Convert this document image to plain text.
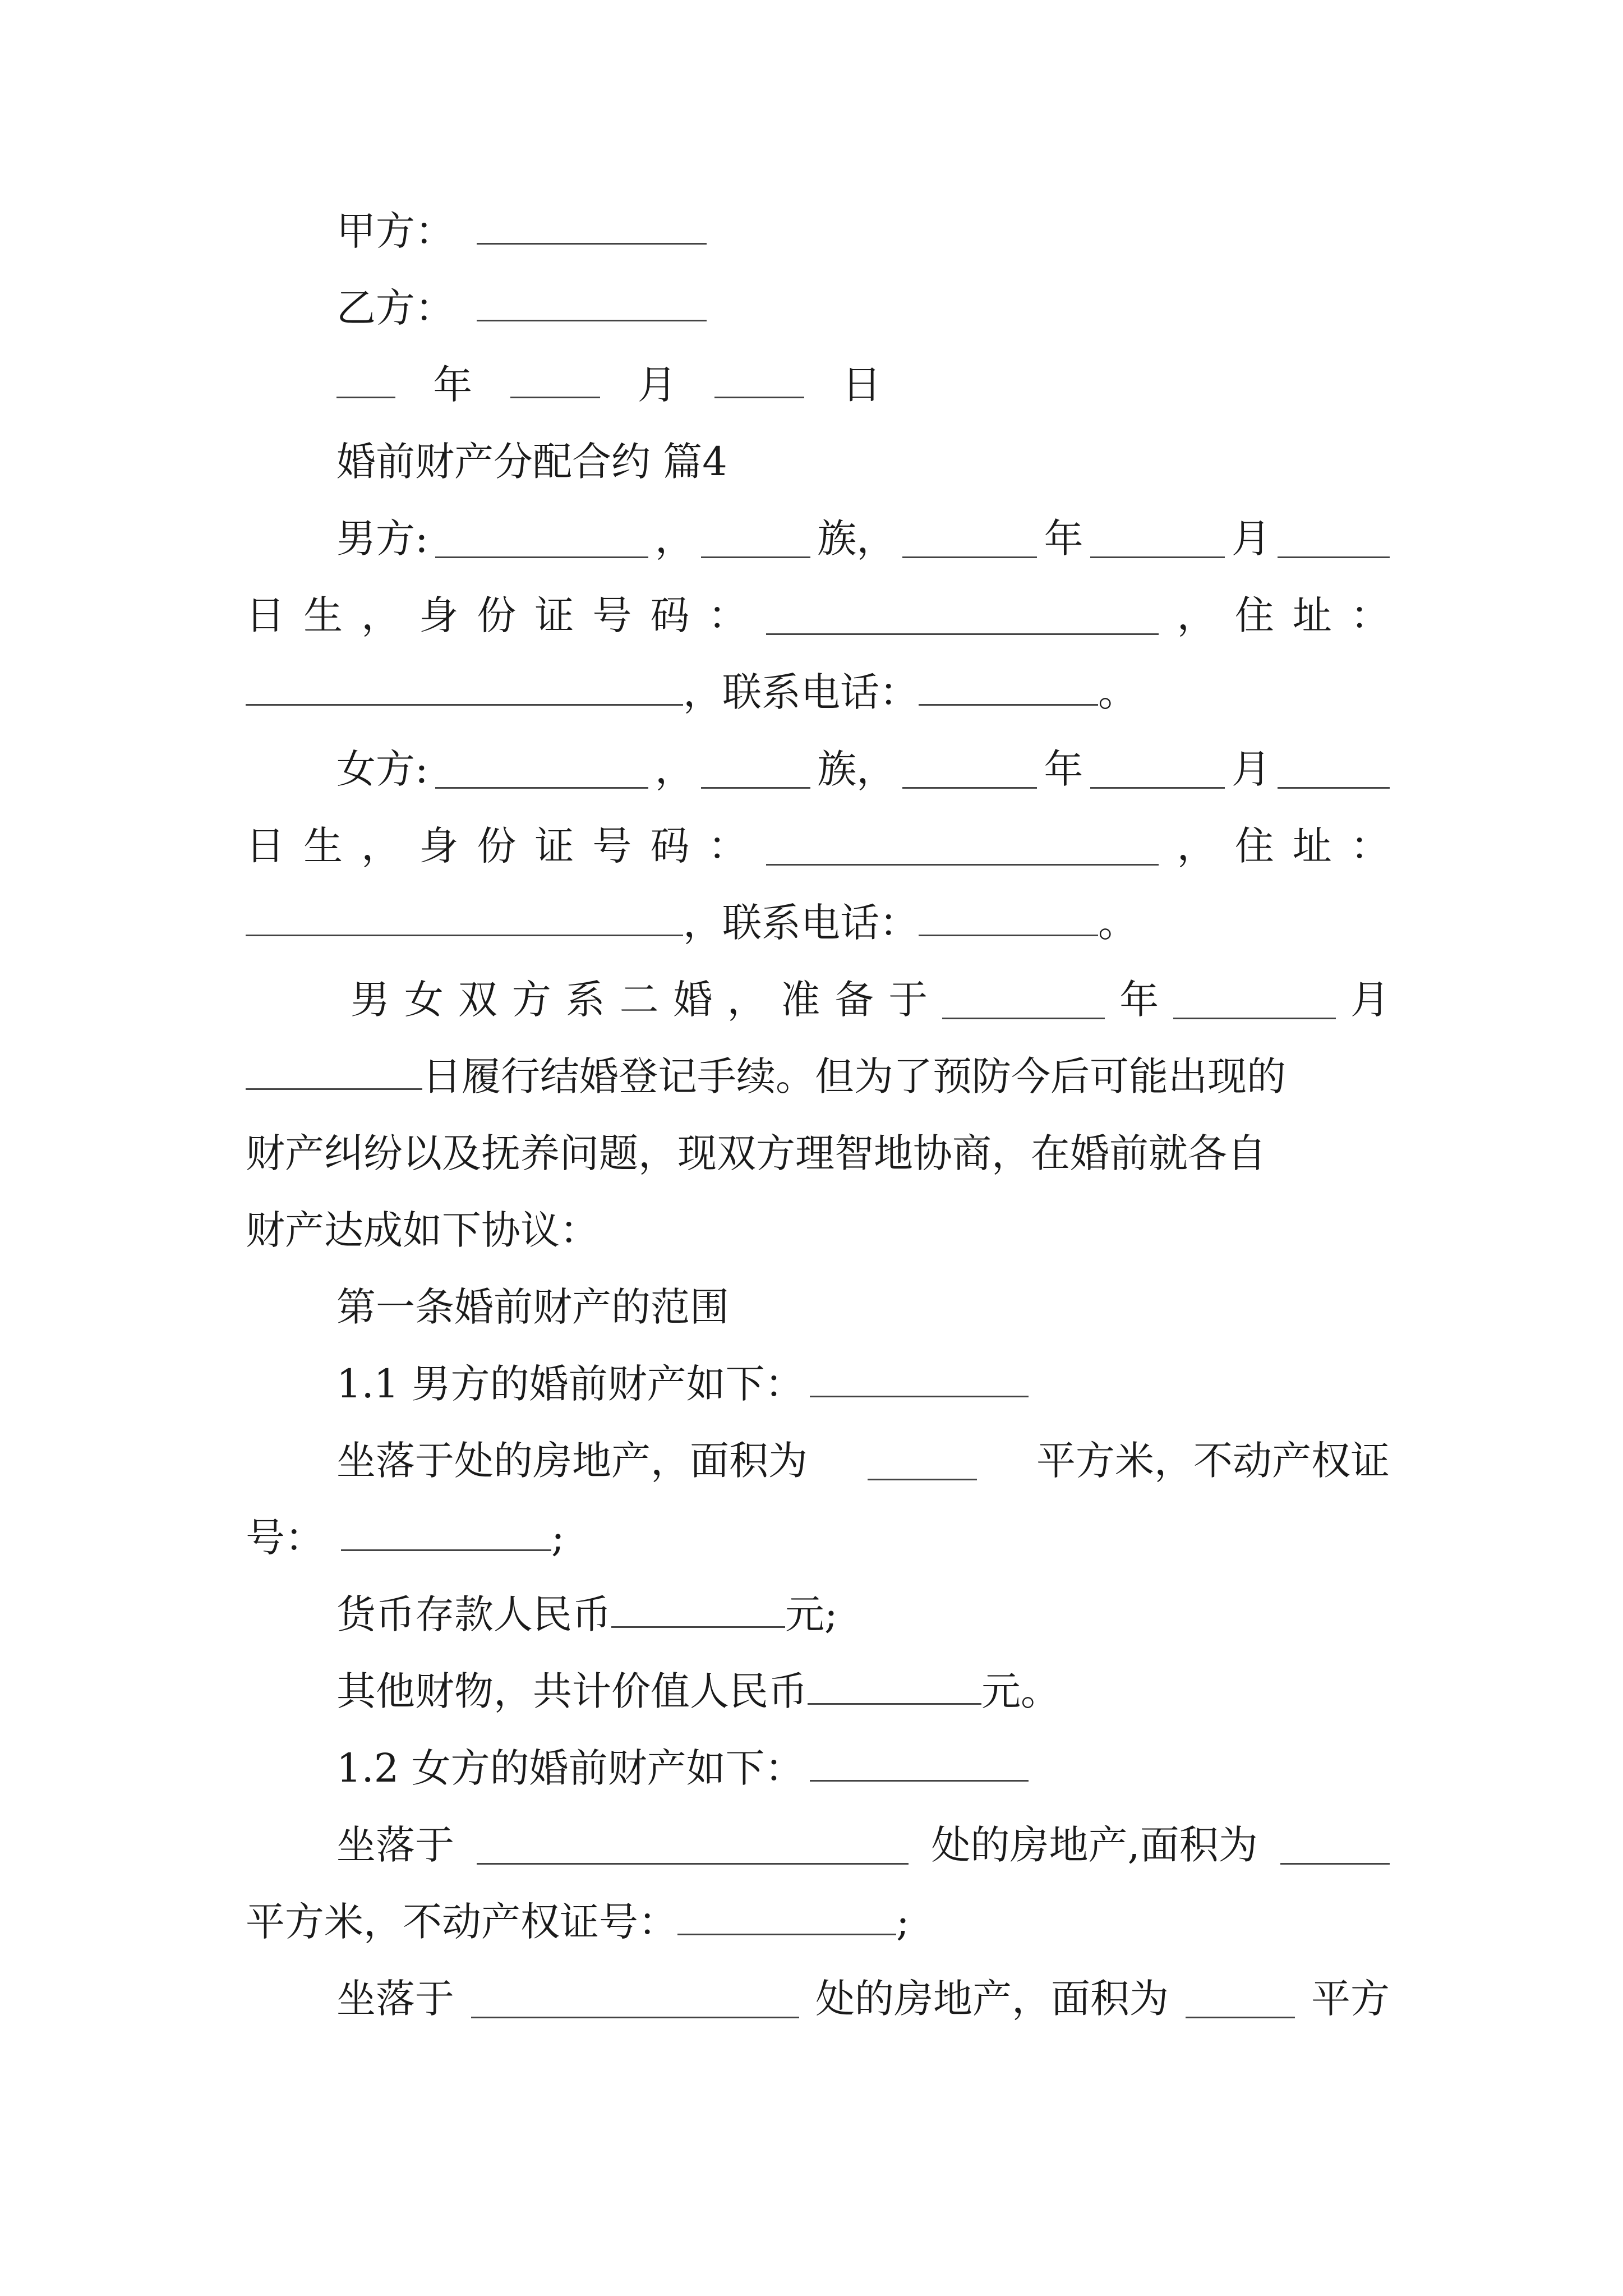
甲方：
乙方：
年	月	日
婚前财产分配合约 篇4
男方:	，	族，	年	月
日 生 ， 身 份 证 号 码 ：	， 住 址 ：
，联系电话：	。
女方:	，	族，	年	月
日 生 ， 身 份 证 号 码 ：	， 住 址 ：
，联系电话：	。
男 女 双 方 系 二 婚 ， 准 备 于	年	月
日履行结婚登记手续。但为了预防今后可能出现的
财产纠纷以及抚养问题，现双方理智地协商，在婚前就各自
财产达成如下协议：
第一条婚前财产的范围
1.1 男方的婚前财产如下：
坐落于处的房地产，面积为	平方米，不动产权证
号：	;
货币存款人民币	元;
其他财物，共计价值人民币	元。
1.2 女方的婚前财产如下：
坐落于	处的房地产,面积为
平方米，不动产权证号：	;
坐落于	处的房地产，面积为	平方
